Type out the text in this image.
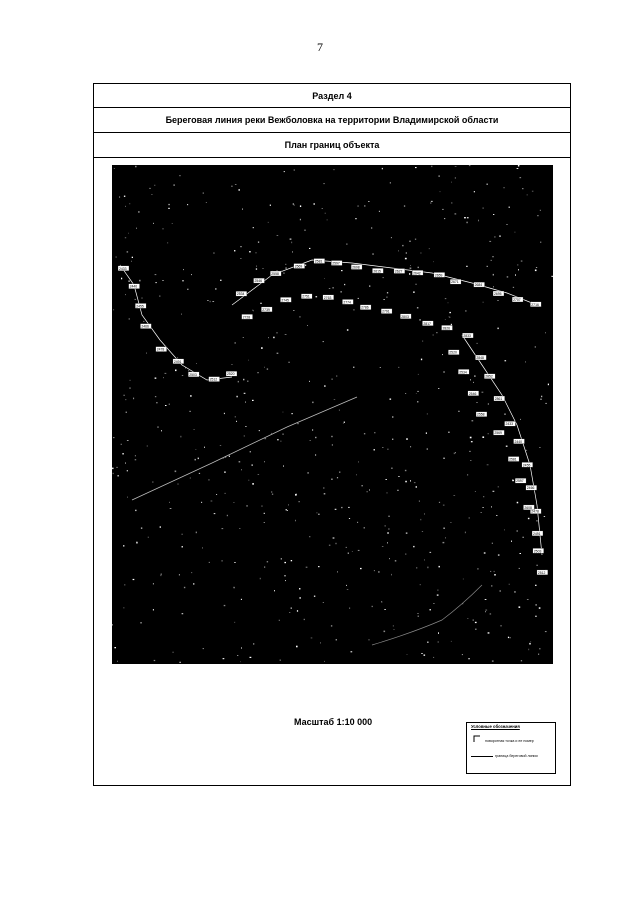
7
Раздел 4
Береговая линия реки Вежболовка на территории Владимирской области
План границ объекта
2433
2440
2455
2466
2478
2491
2503
2512
2520
2534
2546
2558
2569
2581	2597
2608
2615	2627	2642
2659
2671
2684
2695
2707
2716
2728
2739
2745
2751	2763
2774
2786
2791
2803
2817
2826
2833
2848
2852
2861
2433
2440
2455
2466
2478
2491
2503
2512
2520
2534
2546
2558
2569
2581
2597
2608
Масштаб 1:10 000	Условные обозначения
поворотная точка и ее номер
граница береговой линии
